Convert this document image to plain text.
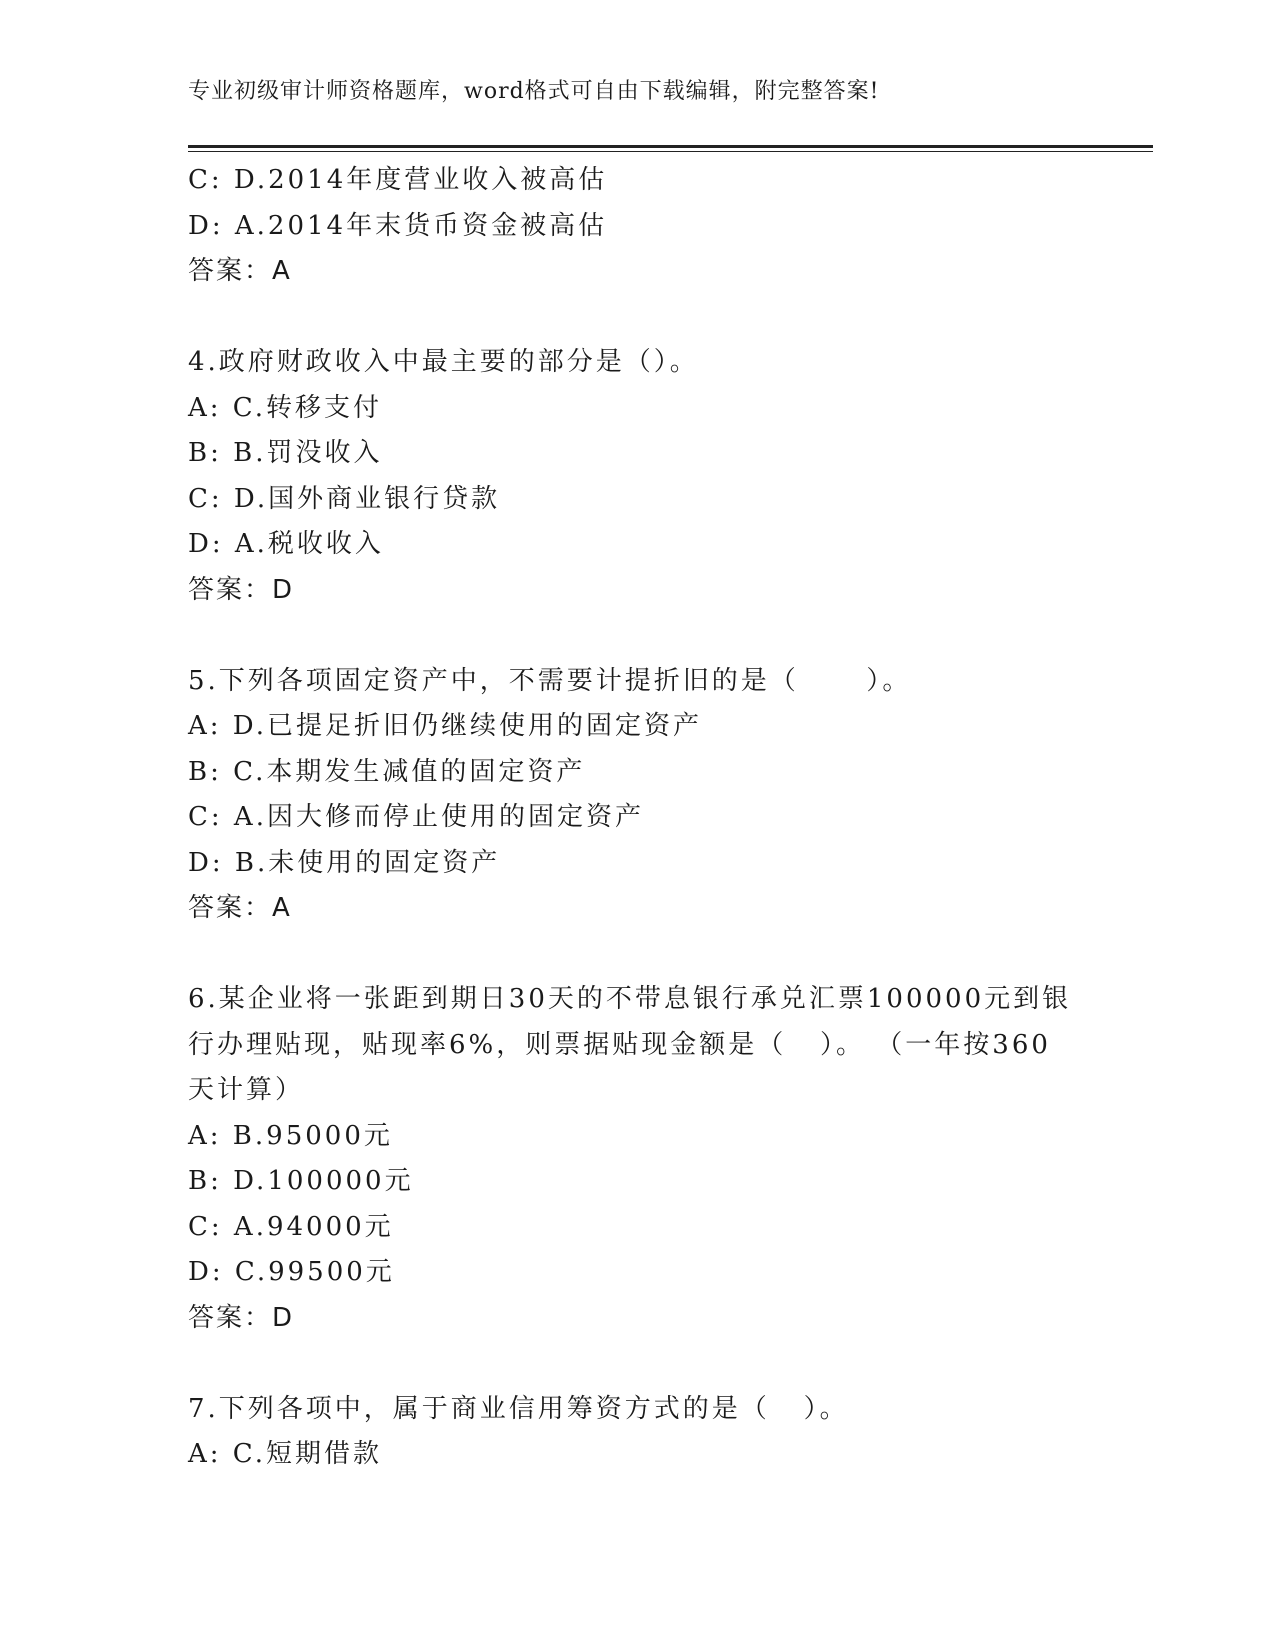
专业初级审计师资格题库，word格式可自由下载编辑，附完整答案!
C: D.2014年度营业收入被高估
D: A.2014年末货币资金被高估
答案：A
4.政府财政收入中最主要的部分是（）。
A: C.转移支付
B: B.罚没收入
C: D.国外商业银行贷款
D: A.税收收入
答案：D
5.下列各项固定资产中，不需要计提折旧的是（      ）。
A: D.已提足折旧仍继续使用的固定资产
B: C.本期发生减值的固定资产
C: A.因大修而停止使用的固定资产
D: B.未使用的固定资产
答案：A
6.某企业将一张距到期日30天的不带息银行承兑汇票100000元到银
行办理贴现，贴现率6%，则票据贴现金额是（   ）。 （一年按360
天计算）
A: B.95000元
B: D.100000元
C: A.94000元
D: C.99500元
答案：D
7.下列各项中，属于商业信用筹资方式的是（   ）。
A: C.短期借款
